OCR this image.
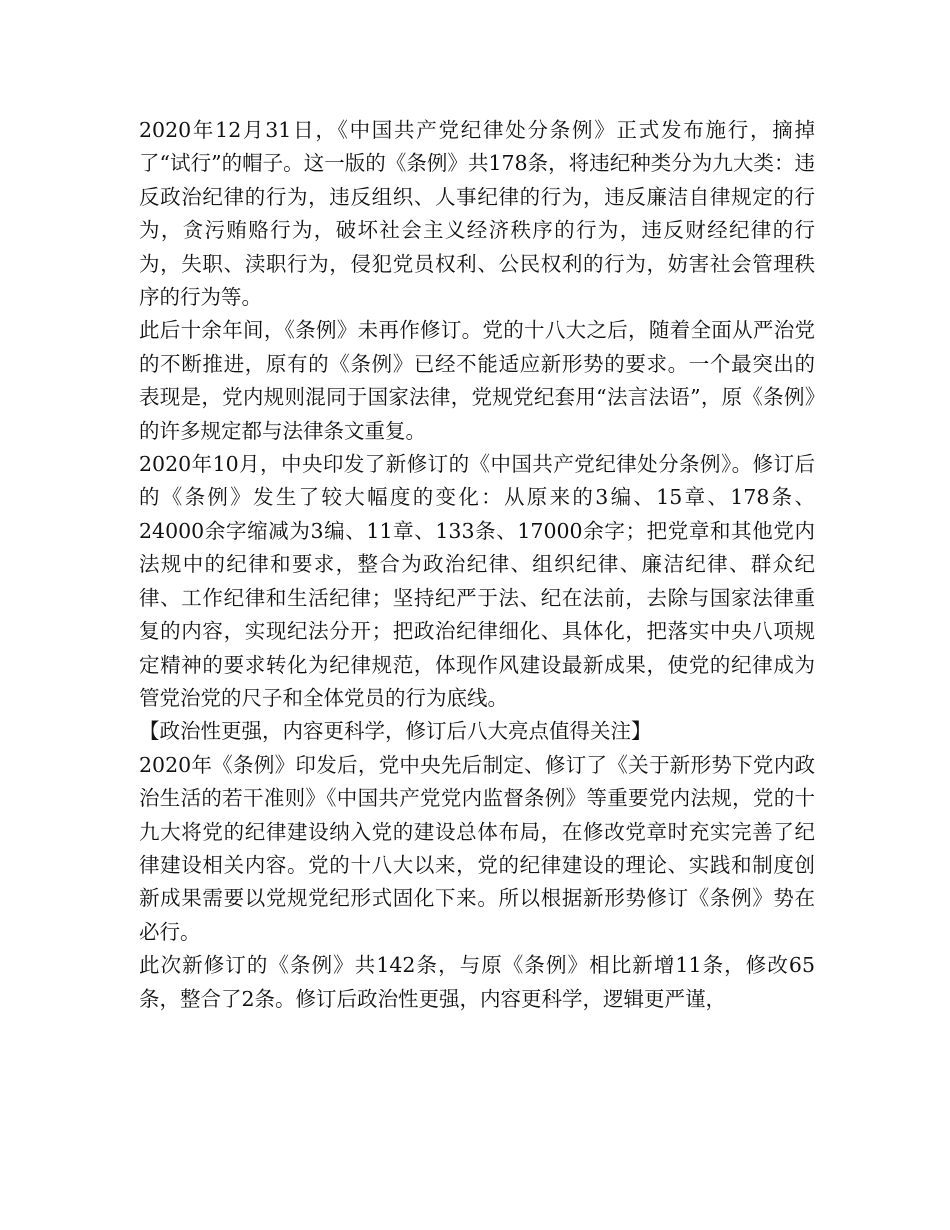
2020年12月31日，《中国共产党纪律处分条例》正式发布施行，摘掉了“试行”的帽子。这一版的《条例》共178条，将违纪种类分为九大类：违反政治纪律的行为，违反组织、人事纪律的行为，违反廉洁自律规定的行为，贪污贿赂行为，破坏社会主义经济秩序的行为，违反财经纪律的行为，失职、渎职行为，侵犯党员权利、公民权利的行为，妨害社会管理秩序的行为等。

此后十余年间，《条例》未再作修订。党的十八大之后，随着全面从严治党的不断推进，原有的《条例》已经不能适应新形势的要求。一个最突出的表现是，党内规则混同于国家法律，党规党纪套用“法言法语”，原《条例》的许多规定都与法律条文重复。

2020年10月，中央印发了新修订的《中国共产党纪律处分条例》。修订后的《条例》发生了较大幅度的变化：从原来的3编、15章、178条、24000余字缩减为3编、11章、133条、17000余字；把党章和其他党内法规中的纪律和要求，整合为政治纪律、组织纪律、廉洁纪律、群众纪律、工作纪律和生活纪律；坚持纪严于法、纪在法前，去除与国家法律重复的内容，实现纪法分开；把政治纪律细化、具体化，把落实中央八项规定精神的要求转化为纪律规范，体现作风建设最新成果，使党的纪律成为管党治党的尺子和全体党员的行为底线。

【政治性更强，内容更科学，修订后八大亮点值得关注】

2020年《条例》印发后，党中央先后制定、修订了《关于新形势下党内政治生活的若干准则》《中国共产党党内监督条例》等重要党内法规，党的十九大将党的纪律建设纳入党的建设总体布局，在修改党章时充实完善了纪律建设相关内容。党的十八大以来，党的纪律建设的理论、实践和制度创新成果需要以党规党纪形式固化下来。所以根据新形势修订《条例》势在必行。

此次新修订的《条例》共142条，与原《条例》相比新增11条，修改65条，整合了2条。修订后政治性更强，内容更科学，逻辑更严谨，
